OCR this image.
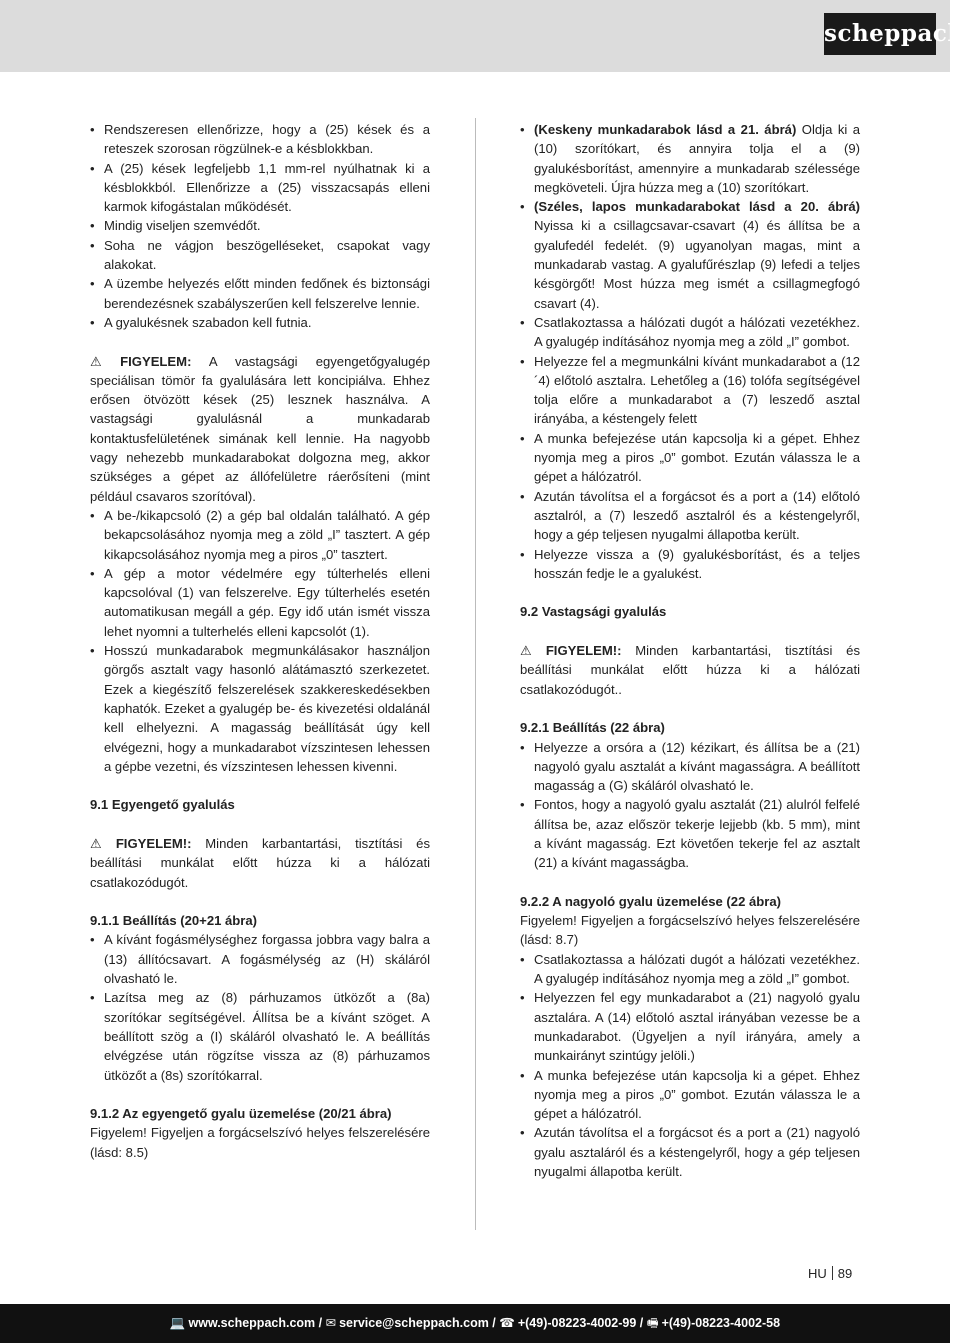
scheppach
• Rendszeresen ellenőrizze, hogy a (25) kések és a reteszek szorosan rögzülnek-e a késblokkban.
• A (25) kések legfeljebb 1,1 mm-rel nyúlhatnak ki a késblokkból. Ellenőrizze a (25) visszacsapás elleni karmok kifogástalan működését.
• Mindig viseljen szemvédőt.
• Soha ne vágjon beszögelléseket, csapokat vagy alakokat.
• A üzembe helyezés előtt minden fedőnek és biztonsági berendezésnek szabályszerűen kell felszerelve lennie.
• A gyalukésnek szabadon kell futnia.

⚠ FIGYELEM: A vastagsági egyengetőgyalugép speciálisan tömör fa gyalulására lett koncipiálva. Ehhez erősen ötvözött kések (25) lesznek használva. A vastagsági gyalulásnál a munkadarab kontaktusfelületének simának kell lennie. Ha nagyobb vagy nehezebb munkadarabokat dolgozna meg, akkor szükséges a gépet az állófelületre ráerősíteni (mint például csavaros szorítóval).

• A be-/kikapcsoló (2) a gép bal oldalán található. A gép bekapcsolásához nyomja meg a zöld „I” tasztert. A gép kikapcsolásához nyomja meg a piros „0” tasztert.
• A gép a motor védelmére egy túlterhelés elleni kapcsolóval (1) van felszerelve. Egy túlterhelés esetén automatikusan megáll a gép. Egy idő után ismét vissza lehet nyomni a tulterhelés elleni kapcsolót (1).
• Hosszú munkadarabok megmunkálásakor használjon görgős asztalt vagy hasonló alátámasztó szerkezetet. Ezek a kiegészítő felszerelések szakkereskedésekben kaphatók. Ezeket a gyalugép be- és kivezetési oldalánál kell elhelyezni. A magasság beállítását úgy kell elvégezni, hogy a munkadarabot vízszintesen lehessen a gépbe vezetni, és vízszintesen lehessen kivenni.

9.1 Egyengető gyalulás

⚠ FIGYELEM!: Minden karbantartási, tisztítási és beállítási munkálat előtt húzza ki a hálózati csatlakozódugót.

9.1.1 Beállítás (20+21 ábra)

• A kívánt fogásmélységhez forgassa jobbra vagy balra a (13) állítócsavart. A fogásmélység az (H) skáláról olvasható le.
• Lazítsa meg az (8) párhuzamos ütközőt a (8a) szorítókar segítségével. Állítsa be a kívánt szöget. A beállított szög a (I) skáláról olvasható le. A beállítás elvégzése után rögzítse vissza az (8) párhuzamos ütközőt a (8s) szorítókarral.

9.1.2 Az egyengető gyalu üzemelése (20/21 ábra)

Figyelem! Figyeljen a forgácselszívó helyes felszerelésére (lásd: 8.5)

• (Keskeny munkadarabok lásd a 21. ábrá) Oldja ki a (10) szorítókart, és annyira tolja el a (9) gyalukésborítást, amennyire a munkadarab szélessége megköveteli. Újra húzza meg a (10) szorítókart.
• (Széles, lapos munkadarabokat lásd a 20. ábrá) Nyissa ki a csillagcsavar-csavart (4) és állítsa be a gyalufedél fedelét. (9) ugyanolyan magas, mint a munkadarab vastag. A gyalufűrészlap (9) lefedi a teljes késgörgőt! Most húzza meg ismét a csillagmegfogó csavart (4).
• Csatlakoztassa a hálózati dugót a hálózati vezetékhez. A gyalugép indításához nyomja meg a zöld „I” gombot.
• Helyezze fel a megmunkálni kívánt munkadarabot a (12´4) előtoló asztalra. Lehetőleg a (16) tolófa segítségével tolja előre a munkadarabot a (7) leszedő asztal irányába, a késtengely felett
• A munka befejezése után kapcsolja ki a gépet. Ehhez nyomja meg a piros „0” gombot. Ezután válassza le a gépet a hálózatról.
• Azután távolítsa el a forgácsot és a port a (14) előtoló asztalról, a (7) leszedő asztalról és a késtengelyről, hogy a gép teljesen nyugalmi állapotba került.
• Helyezze vissza a (9) gyalukésborítást, és a teljes hosszán fedje le a gyalukést.

9.2 Vastagsági gyalulás

⚠ FIGYELEM!: Minden karbantartási, tisztítási és beállítási munkálat előtt húzza ki a hálózati csatlakozódugót..

9.2.1 Beállítás (22 ábra)

• Helyezze a orsóra a (12) kézikart, és állítsa be a (21) nagyoló gyalu asztalát a kívánt magasságra. A beállított magasság a (G) skáláról olvasható le.
• Fontos, hogy a nagyoló gyalu asztalát (21) alulról felfelé állítsa be, azaz először tekerje lejjebb (kb. 5 mm), mint a kívánt magasság. Ezt követően tekerje fel az asztalt (21) a kívánt magasságba.

9.2.2 A nagyoló gyalu üzemelése (22 ábra)

Figyelem! Figyeljen a forgácselszívó helyes felszerelésére (lásd: 8.7)

• Csatlakoztassa a hálózati dugót a hálózati vezetékhez. A gyalugép indításához nyomja meg a zöld „I” gombot.
• Helyezzen fel egy munkadarabot a (21) nagyoló gyalu asztalára. A (14) előtoló asztal irányában vezesse be a munkadarabot. (Ügyeljen a nyíl irányára, amely a munkairányt szintúgy jelöli.)
• A munka befejezése után kapcsolja ki a gépet. Ehhez nyomja meg a piros „0” gombot. Ezután válassza le a gépet a hálózatról.
• Azután távolítsa el a forgácsot és a port a (21) nagyoló gyalu asztaláról és a késtengelyről, hogy a gép teljesen nyugalmi állapotba került.
HU 89
💻 www.scheppach.com / ✉ service@scheppach.com / ☎ +(49)-08223-4002-99 / 🖷 +(49)-08223-4002-58
